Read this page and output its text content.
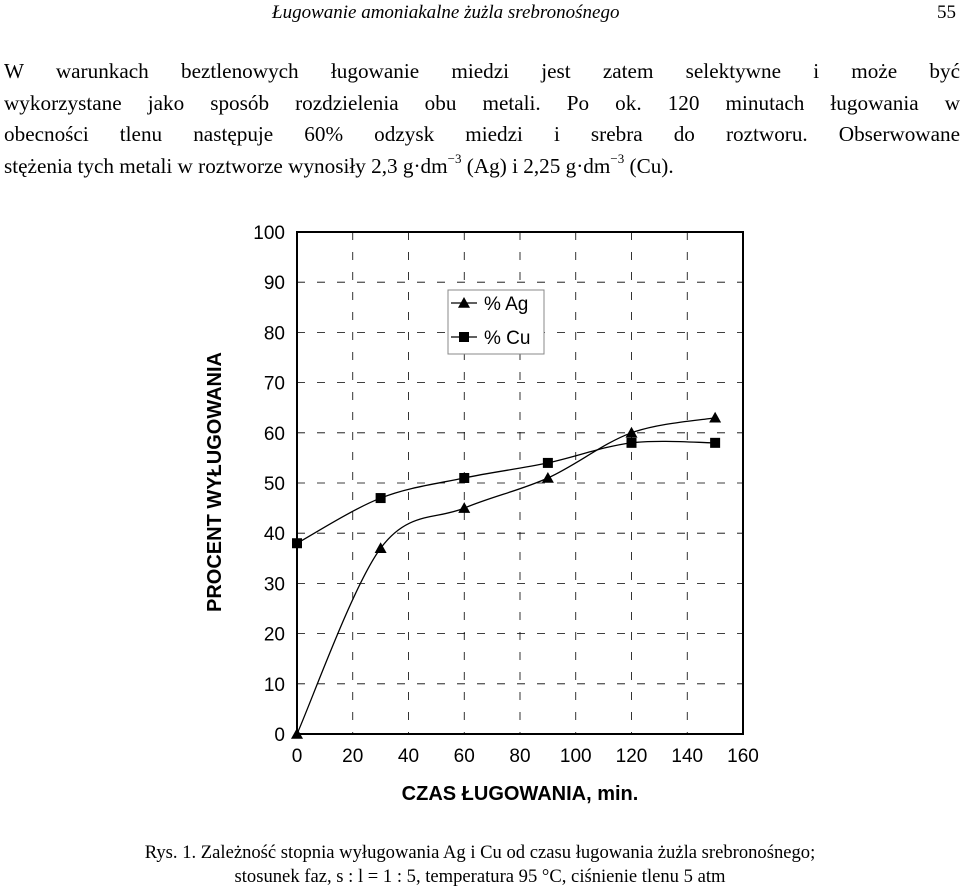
Ługowanie amoniakalne żużla srebronośnego	55
W warunkach beztlenowych ługowanie miedzi jest zatem selektywne i może być
wykorzystane jako sposób rozdzielenia obu metali. Po ok. 120 minutach ługowania w
obecności tlenu następuje 60% odzysk miedzi i srebra do roztworu. Obserwowane
stężenia tych metali w roztworze wynosiły 2,3 $g\cdot dm^{-3}$ (Ag) i 2,25 $g\cdot dm^{-3}$ (Cu).
0
10
20
30
40
50
60
70
80
90
100
0 20 40 60 80 100 120 140 160
CZAS ŁUGOWANIA, min.
PROCENT WYŁUGOWANIA
% Ag
% Cu
Rys. 1. Zależność stopnia wyługowania Ag i Cu od czasu ługowania żużla srebronośnego;
stosunek faz, s : l = 1 : 5, temperatura 95 °C, ciśnienie tlenu 5 atm
